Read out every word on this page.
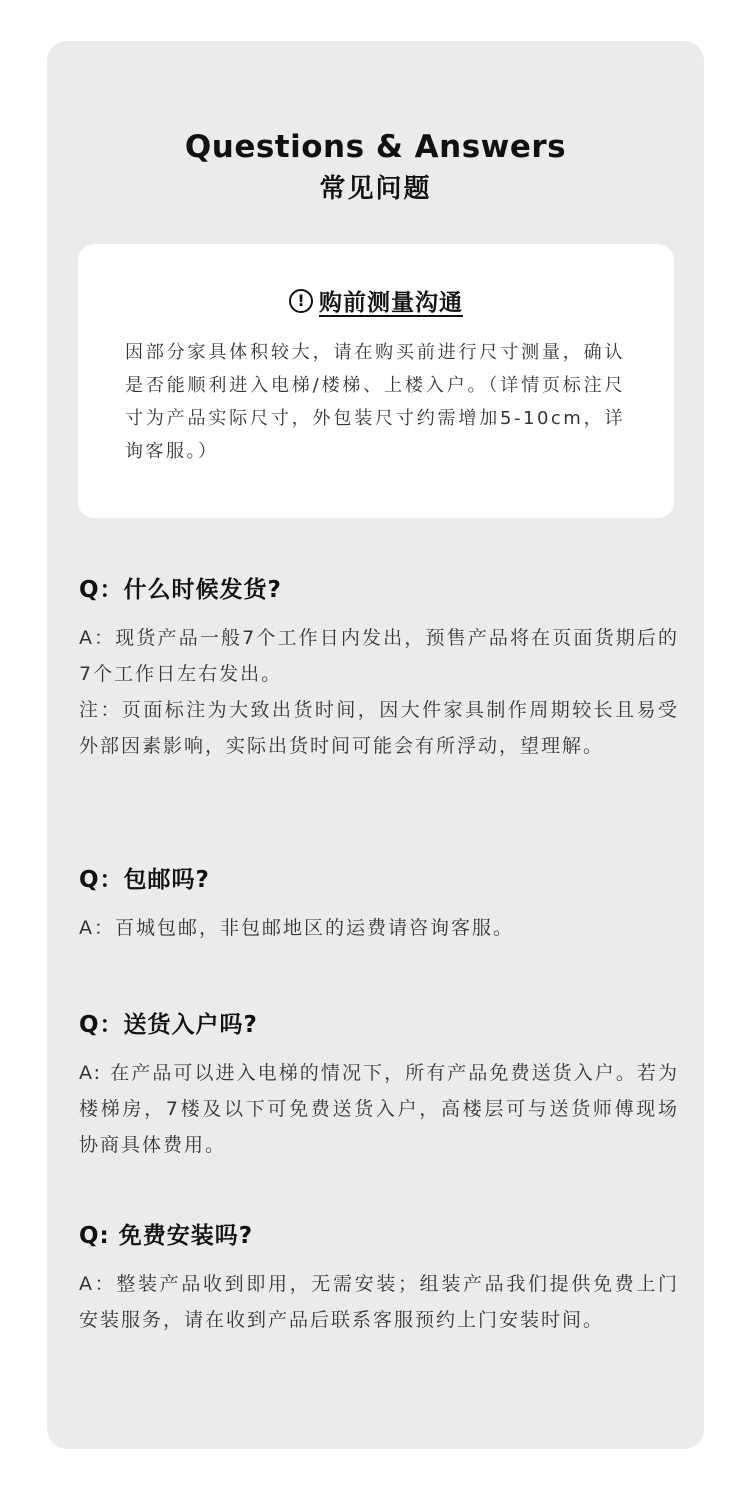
Questions & Answers
常见问题
! 购前测量沟通
因部分家具体积较大，请在购买前进行尺寸测量，确认是否能顺利进入电梯/楼梯、上楼入户。（详情页标注尺寸为产品实际尺寸，外包装尺寸约需增加5-10cm，详询客服。）
Q：什么时候发货?

A：现货产品一般7个工作日内发出，预售产品将在页面货期后的7个工作日左右发出。

注：页面标注为大致出货时间，因大件家具制作周期较长且易受外部因素影响，实际出货时间可能会有所浮动，望理解。

Q：包邮吗?

A：百城包邮，非包邮地区的运费请咨询客服。

Q：送货入户吗?

A: 在产品可以进入电梯的情况下，所有产品免费送货入户。若为楼梯房，7楼及以下可免费送货入户，高楼层可与送货师傅现场协商具体费用。

Q: 免费安装吗?

A：整装产品收到即用，无需安装；组装产品我们提供免费上门安装服务，请在收到产品后联系客服预约上门安装时间。
